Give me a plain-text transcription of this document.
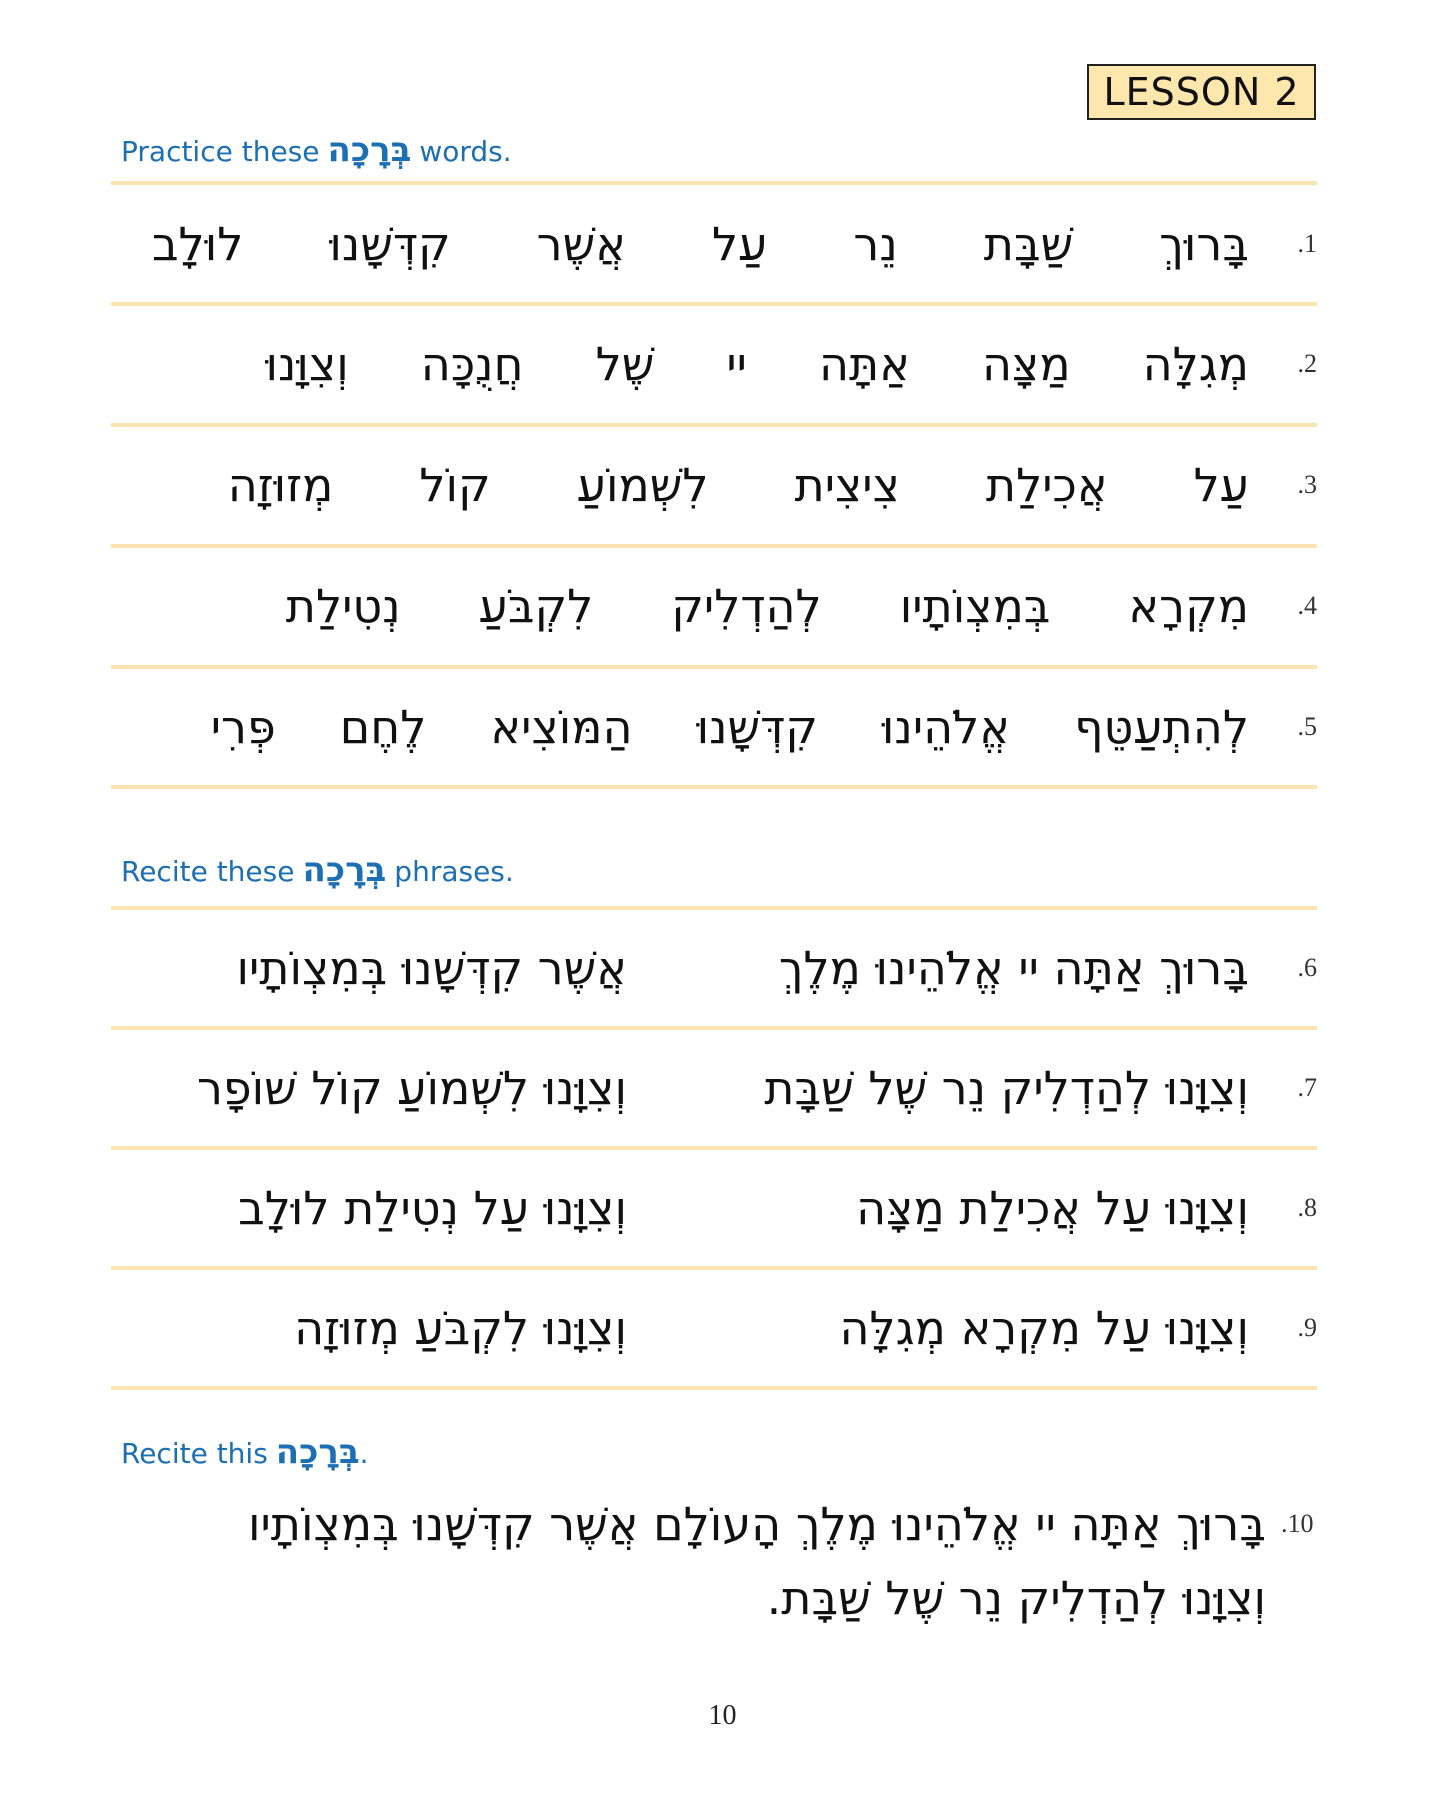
LESSON 2
Practice these בְּרָכָה words.
.1
בָּרוּךְ
שַׁבָּת
נֵר
עַל
אֲשֶׁר
קִדְּשָׁנוּ
לוּלָב
.2
מְגִלָּה
מַצָּה
אַתָּה
יי
שֶׁל
חֲנֻכָּה
וְצִוָּנוּ
.3
עַל
אֲכִילַת
צִיצִית
לִשְׁמוֹעַ
קוֹל
מְזוּזָה
.4
מִקְרָא
בְּמִצְוֹתָיו
לְהַדְלִיק
לִקְבֹּעַ
נְטִילַת
.5
לְהִתְעַטֵּף
אֱלֹהֵינוּ
קִדְּשָׁנוּ
הַמּוֹצִיא
לֶחֶם
פְּרִי
Recite these בְּרָכָה phrases.
.6
בָּרוּךְ אַתָּה יי אֱלֹהֵינוּ מֶלֶךְ
אֲשֶׁר קִדְּשָׁנוּ בְּמִצְוֹתָיו
.7
וְצִוָּנוּ לְהַדְלִיק נֵר שֶׁל שַׁבָּת
וְצִוָּנוּ לִשְׁמוֹעַ קוֹל שׁוֹפָר
.8
וְצִוָּנוּ עַל אֲכִילַת מַצָּה
וְצִוָּנוּ עַל נְטִילַת לוּלָב
.9
וְצִוָּנוּ עַל מִקְרָא מְגִלָּה
וְצִוָּנוּ לִקְבֹּעַ מְזוּזָה
Recite this בְּרָכָה .
.10
בָּרוּךְ אַתָּה יי אֱלֹהֵינוּ מֶלֶךְ הָעוֹלָם אֲשֶׁר קִדְּשָׁנוּ בְּמִצְוֹתָיו
וְצִוָּנוּ לְהַדְלִיק נֵר שֶׁל שַׁבָּת.
10
